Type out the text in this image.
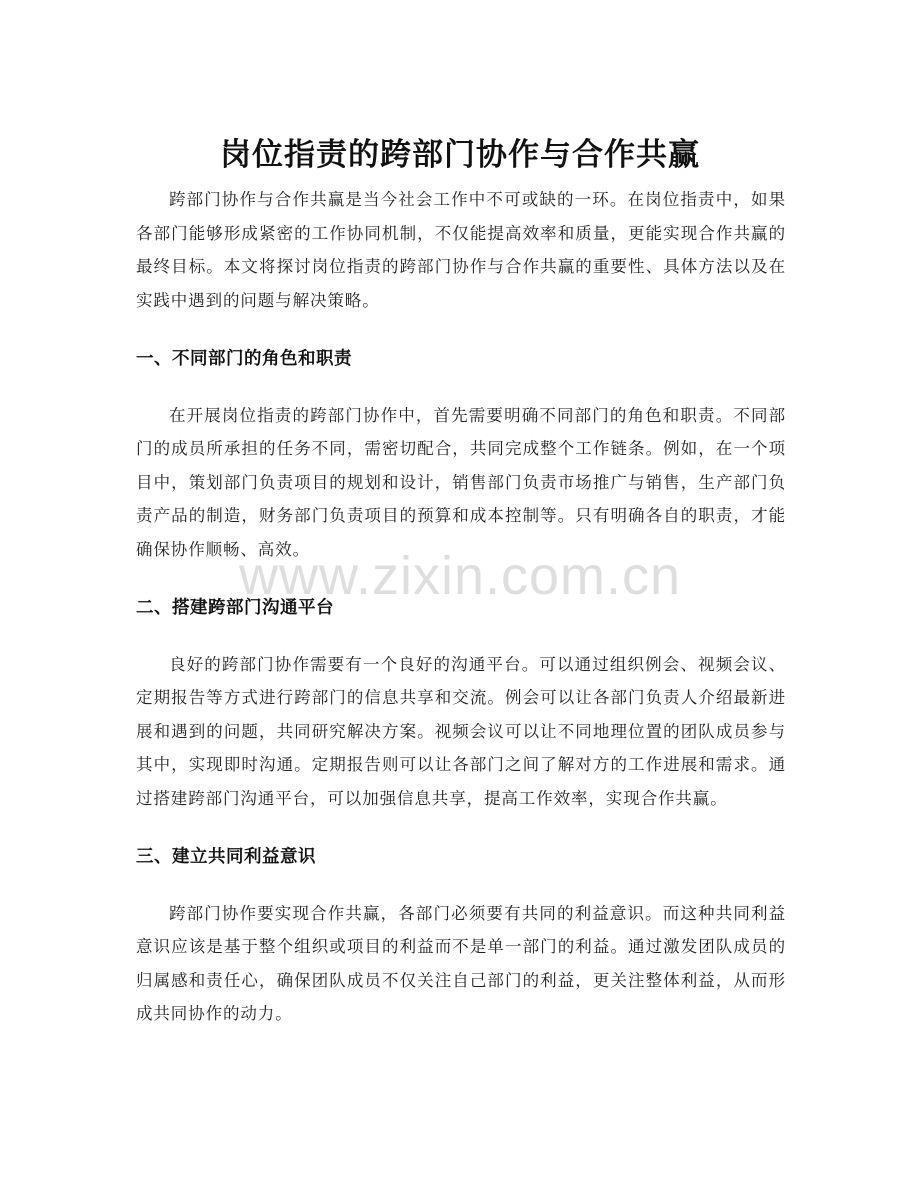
岗位指责的跨部门协作与合作共赢

跨部门协作与合作共赢是当今社会工作中不可或缺的一环。在岗位指责中，如果各部门能够形成紧密的工作协同机制，不仅能提高效率和质量，更能实现合作共赢的最终目标。本文将探讨岗位指责的跨部门协作与合作共赢的重要性、具体方法以及在实践中遇到的问题与解决策略。

一、不同部门的角色和职责

在开展岗位指责的跨部门协作中，首先需要明确不同部门的角色和职责。不同部门的成员所承担的任务不同，需密切配合，共同完成整个工作链条。例如，在一个项目中，策划部门负责项目的规划和设计，销售部门负责市场推广与销售，生产部门负责产品的制造，财务部门负责项目的预算和成本控制等。只有明确各自的职责，才能确保协作顺畅、高效。

二、搭建跨部门沟通平台

良好的跨部门协作需要有一个良好的沟通平台。可以通过组织例会、视频会议、定期报告等方式进行跨部门的信息共享和交流。例会可以让各部门负责人介绍最新进展和遇到的问题，共同研究解决方案。视频会议可以让不同地理位置的团队成员参与其中，实现即时沟通。定期报告则可以让各部门之间了解对方的工作进展和需求。通过搭建跨部门沟通平台，可以加强信息共享，提高工作效率，实现合作共赢。

三、建立共同利益意识

跨部门协作要实现合作共赢，各部门必须要有共同的利益意识。而这种共同利益意识应该是基于整个组织或项目的利益而不是单一部门的利益。通过激发团队成员的归属感和责任心，确保团队成员不仅关注自己部门的利益，更关注整体利益，从而形成共同协作的动力。

www.zixin.com.cn
